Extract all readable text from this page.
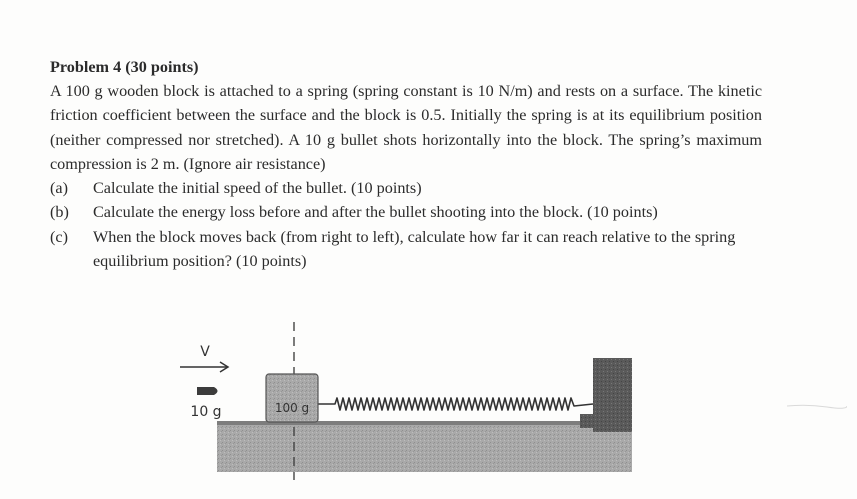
Problem 4 (30 points)

A 100 g wooden block is attached to a spring (spring constant is 10 N/m) and rests on a surface. The kinetic friction coefficient between the surface and the block is 0.5. Initially the spring is at its equilibrium position (neither compressed nor stretched). A 10 g bullet shots horizontally into the block. The spring’s maximum compression is 2 m. (Ignore air resistance)

(a)	Calculate the initial speed of the bullet. (10 points)
(b)	Calculate the energy loss before and after the bullet shooting into the block. (10 points)
(c)	When the block moves back (from right to left), calculate how far it can reach relative to the spring equilibrium position? (10 points)
100 g
V
10 g
